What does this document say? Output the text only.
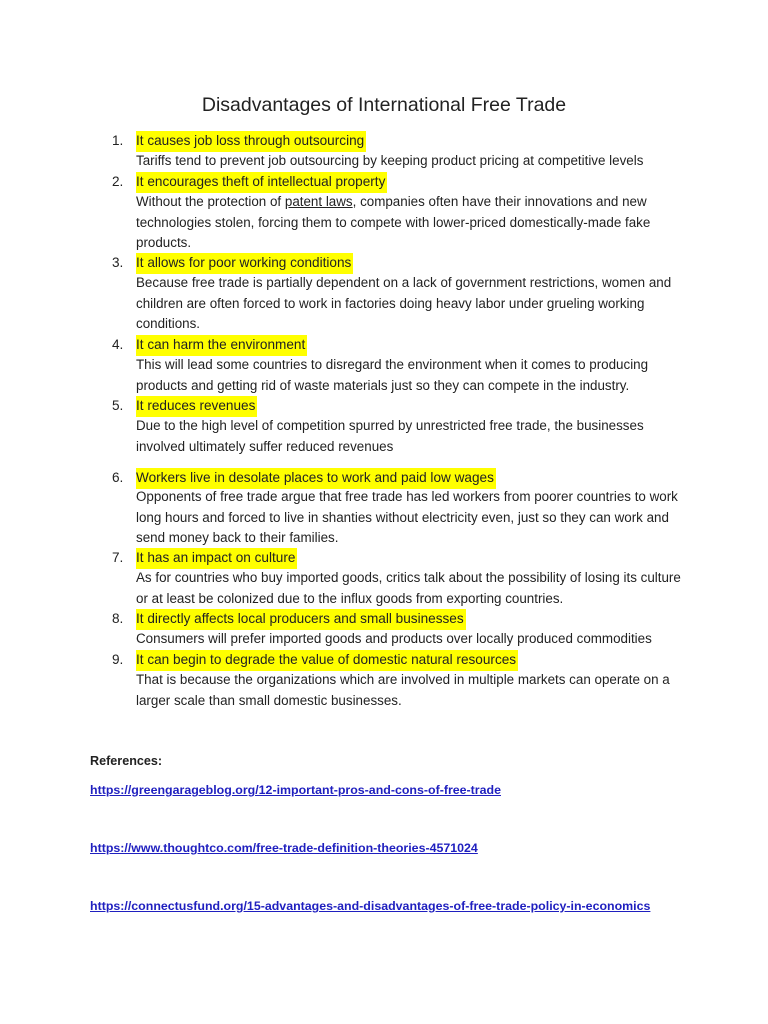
Disadvantages of International Free Trade
1. It causes job loss through outsourcing

Tariffs tend to prevent job outsourcing by keeping product pricing at competitive levels

2. It encourages theft of intellectual property

Without the protection of patent laws, companies often have their innovations and new technologies stolen, forcing them to compete with lower-priced domestically-made fake products.

3. It allows for poor working conditions

Because free trade is partially dependent on a lack of government restrictions, women and children are often forced to work in factories doing heavy labor under grueling working conditions.

4. It can harm the environment

This will lead some countries to disregard the environment when it comes to producing products and getting rid of waste materials just so they can compete in the industry.

5. It reduces revenues

Due to the high level of competition spurred by unrestricted free trade, the businesses involved ultimately suffer reduced revenues

6. Workers live in desolate places to work and paid low wages

Opponents of free trade argue that free trade has led workers from poorer countries to work long hours and forced to live in shanties without electricity even, just so they can work and send money back to their families.

7. It has an impact on culture

As for countries who buy imported goods, critics talk about the possibility of losing its culture or at least be colonized due to the influx goods from exporting countries.

8. It directly affects local producers and small businesses

Consumers will prefer imported goods and products over locally produced commodities

9. It can begin to degrade the value of domestic natural resources

That is because the organizations which are involved in multiple markets can operate on a larger scale than small domestic businesses.

References:
https://greengarageblog.org/12-important-pros-and-cons-of-free-trade
https://www.thoughtco.com/free-trade-definition-theories-4571024
https://connectusfund.org/15-advantages-and-disadvantages-of-free-trade-policy-in-economics
